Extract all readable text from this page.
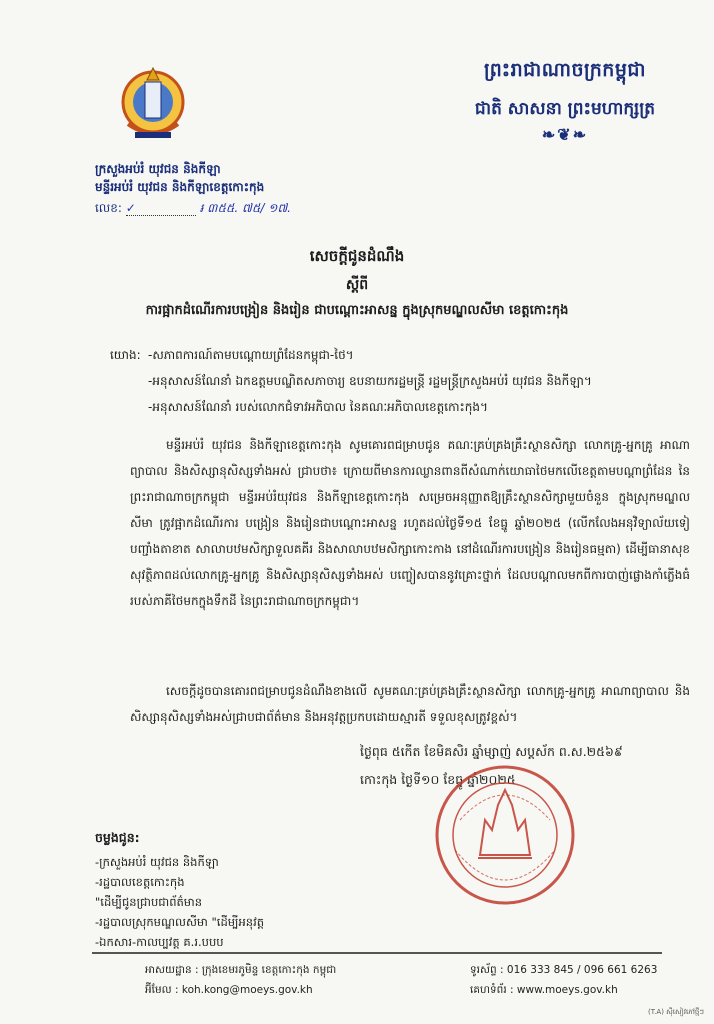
ព្រះរាជាណាចក្រកម្ពុជា
ជាតិ សាសនា ព្រះមហាក្សត្រ
❧❦❧
ក្រសួងអប់រំ យុវជន និងកីឡា
មន្ទីរអប់រំ យុវជន និងកីឡាខេត្តកោះកុង
លេខ: ✓	៛ ៣៥៥. ៧៥/ ១៧.
សេចក្ដីជូនដំណឹង
ស្ដីពី
ការផ្អាកដំណើរការបង្រៀន និងរៀន ជាបណ្ដោះអាសន្ន ក្នុងស្រុកមណ្ឌលសីមា ខេត្តកោះកុង
យោង: -សភាពការណ៍តាមបណ្ដោយព្រំដែនកម្ពុជា-ថៃ។
-អនុសាសន៍ណែនាំ ឯកឧត្តមបណ្ឌិតសភាចារ្យ ឧបនាយករដ្ឋមន្ត្រី រដ្ឋមន្ត្រីក្រសួងអប់រំ យុវជន និងកីឡា។
-អនុសាសន៍ណែនាំ របស់លោកជំទាវអភិបាល នៃគណៈអភិបាលខេត្តកោះកុង។
មន្ទីរអប់រំ យុវជន និងកីឡាខេត្តកោះកុង សូមគោរពជម្រាបជូន គណៈគ្រប់គ្រងគ្រឹះស្ថានសិក្សា លោកគ្រូ-អ្នកគ្រូ អាណាព្យាបាល និងសិស្សានុសិស្សទាំងអស់ ជ្រាបថា៖ ក្រោយពីមានការឈ្លានពានពីសំណាក់យោធាថៃមកលើខេត្តតាមបណ្ដាព្រំដែន នៃព្រះរាជាណាចក្រកម្ពុជា មន្ទីរអប់រំយុវជន និងកីឡាខេត្តកោះកុង សម្រេចអនុញ្ញាតឱ្យគ្រឹះស្ថានសិក្សាមួយចំនួន ក្នុងស្រុកមណ្ឌលសីមា ត្រូវផ្អាកដំណើរការ បង្រៀន និងរៀនជាបណ្ដោះអាសន្ន រហូតដល់ថ្ងៃទី១៥ ខែធ្នូ ឆ្នាំ២០២៥ (លើកលែងអនុវិទ្យាល័យទៀបញ្ជាំងតាខាត សាលាបឋមសិក្សាទួលគគីរ និងសាលាបឋមសិក្សាកោះកាង នៅដំណើរការបង្រៀន និងរៀនធម្មតា) ដើម្បីធានាសុខសុវត្ថិភាពដល់លោកគ្រូ-អ្នកគ្រូ និងសិស្សានុសិស្សទាំងអស់ បញ្ចៀសបាននូវគ្រោះថ្នាក់ ដែលបណ្ដាលមកពីការបាញ់ផ្លោងកាំភ្លើងធំរបស់ភាគីថៃមកក្នុងទឹកដី នៃព្រះរាជាណាចក្រកម្ពុជា។
សេចក្ដីដូចបានគោរពជម្រាបជូនដំណឹងខាងលើ សូមគណៈគ្រប់គ្រងគ្រឹះស្ថានសិក្សា លោកគ្រូ-អ្នកគ្រូ អាណាព្យាបាល និងសិស្សានុសិស្សទាំងអស់ជ្រាបជាព័ត៌មាន និងអនុវត្តប្រកបដោយស្មារតី ទទួលខុសត្រូវខ្ពស់។
ថ្ងៃពុធ ៥កើត ខែមិគសិរ ឆ្នាំម្សាញ់ សប្តស័ក ព.ស.២៥៦៩
កោះកុង ថ្ងៃទី១០ ខែធ្នូ ឆ្នាំ២០២៥
ចម្លងជូន:
-ក្រសួងអប់រំ យុវជន និងកីឡា
-រដ្ឋបាលខេត្តកោះកុង
"ដើម្បីជូនជ្រាបជាព័ត៌មាន
-រដ្ឋបាលស្រុកមណ្ឌលសីមា "ដើម្បីអនុវត្ត
-ឯកសារ-កាលប្បវត្ត គ.រ.បបប
អាសយដ្ឋាន : ក្រុងខេមរភូមិន្ទ ខេត្តកោះកុង កម្ពុជា
អ៊ីមែល : koh.kong@moeys.gov.kh
ទូរស័ព្ទ : 016 333 845 / 096 661 6263
គេហទំព័រ : www.moeys.gov.kh
(T.A) ស៊ីសៀវភៅថ្មីៗ
